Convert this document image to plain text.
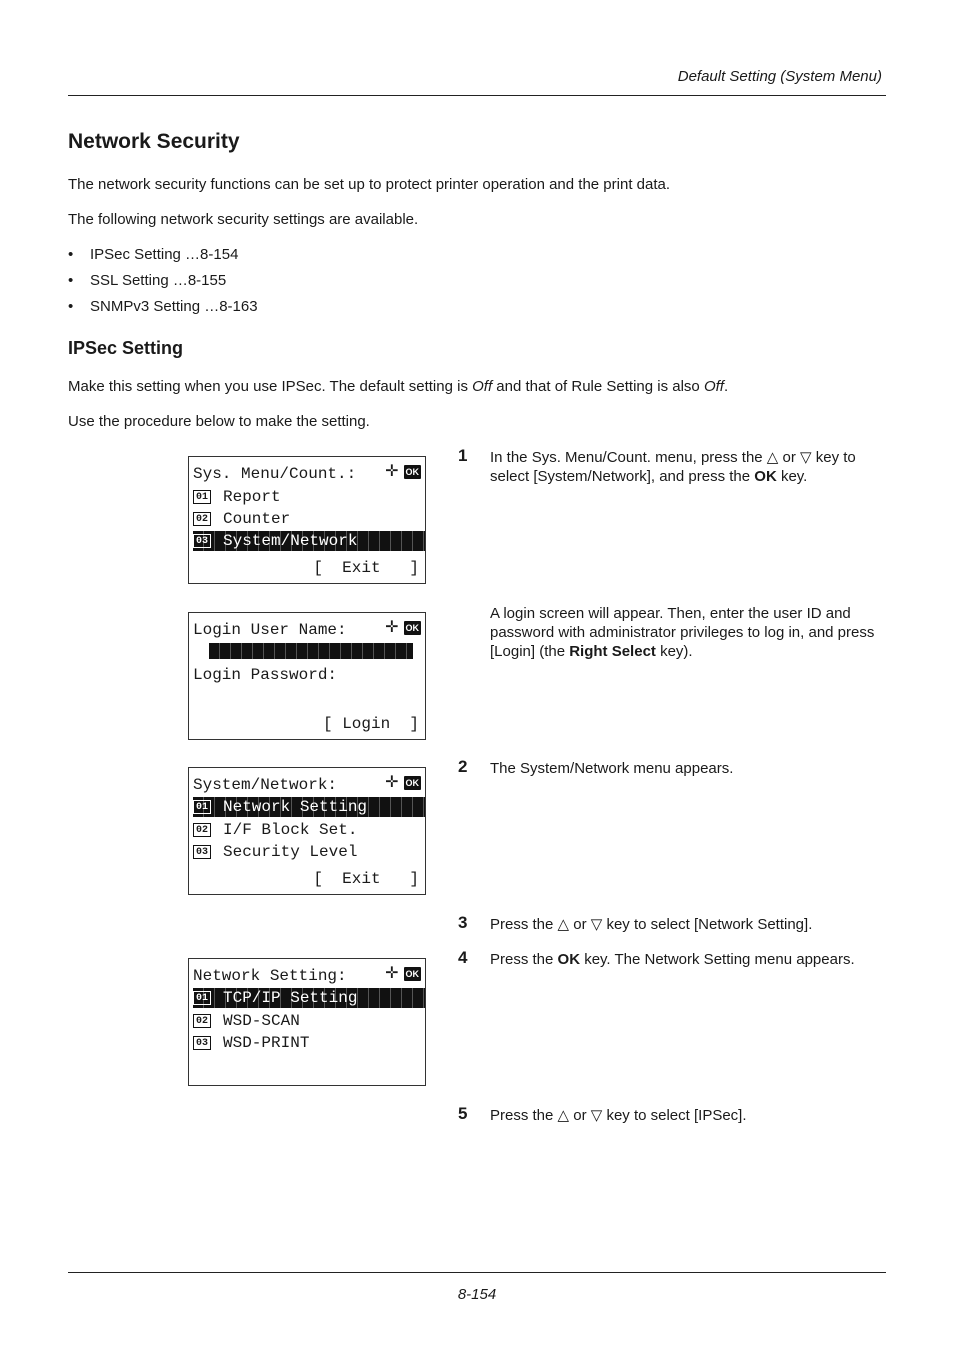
Default Setting (System Menu)
Network Security
The network security functions can be set up to protect printer operation and the print data.
The following network security settings are available.
• IPSec Setting …8-154
• SSL Setting …8-155
• SNMPv3 Setting …8-163
IPSec Setting
Make this setting when you use IPSec. The default setting is Off and that of Rule Setting is also Off.
Use the procedure below to make the setting.
Sys. Menu/Count.:	✛ OK
01 Report
02 Counter
03 System/Network
[  Exit   ]
Login User Name:	✛ OK
Login Password:
[ Login  ]
System/Network:	✛ OK
01 Network Setting
02 I/F Block Set.
03 Security Level
[  Exit   ]
Network Setting:	✛ OK
01 TCP/IP Setting
02 WSD-SCAN
03 WSD-PRINT
1 In the Sys. Menu/Count. menu, press the △ or ▽ key to select [System/Network], and press the OK key.
A login screen will appear. Then, enter the user ID and password with administrator privileges to log in, and press [Login] (the Right Select key).
2 The System/Network menu appears.
3 Press the △ or ▽ key to select [Network Setting].
4 Press the OK key. The Network Setting menu appears.
5 Press the △ or ▽ key to select [IPSec].
8-154
